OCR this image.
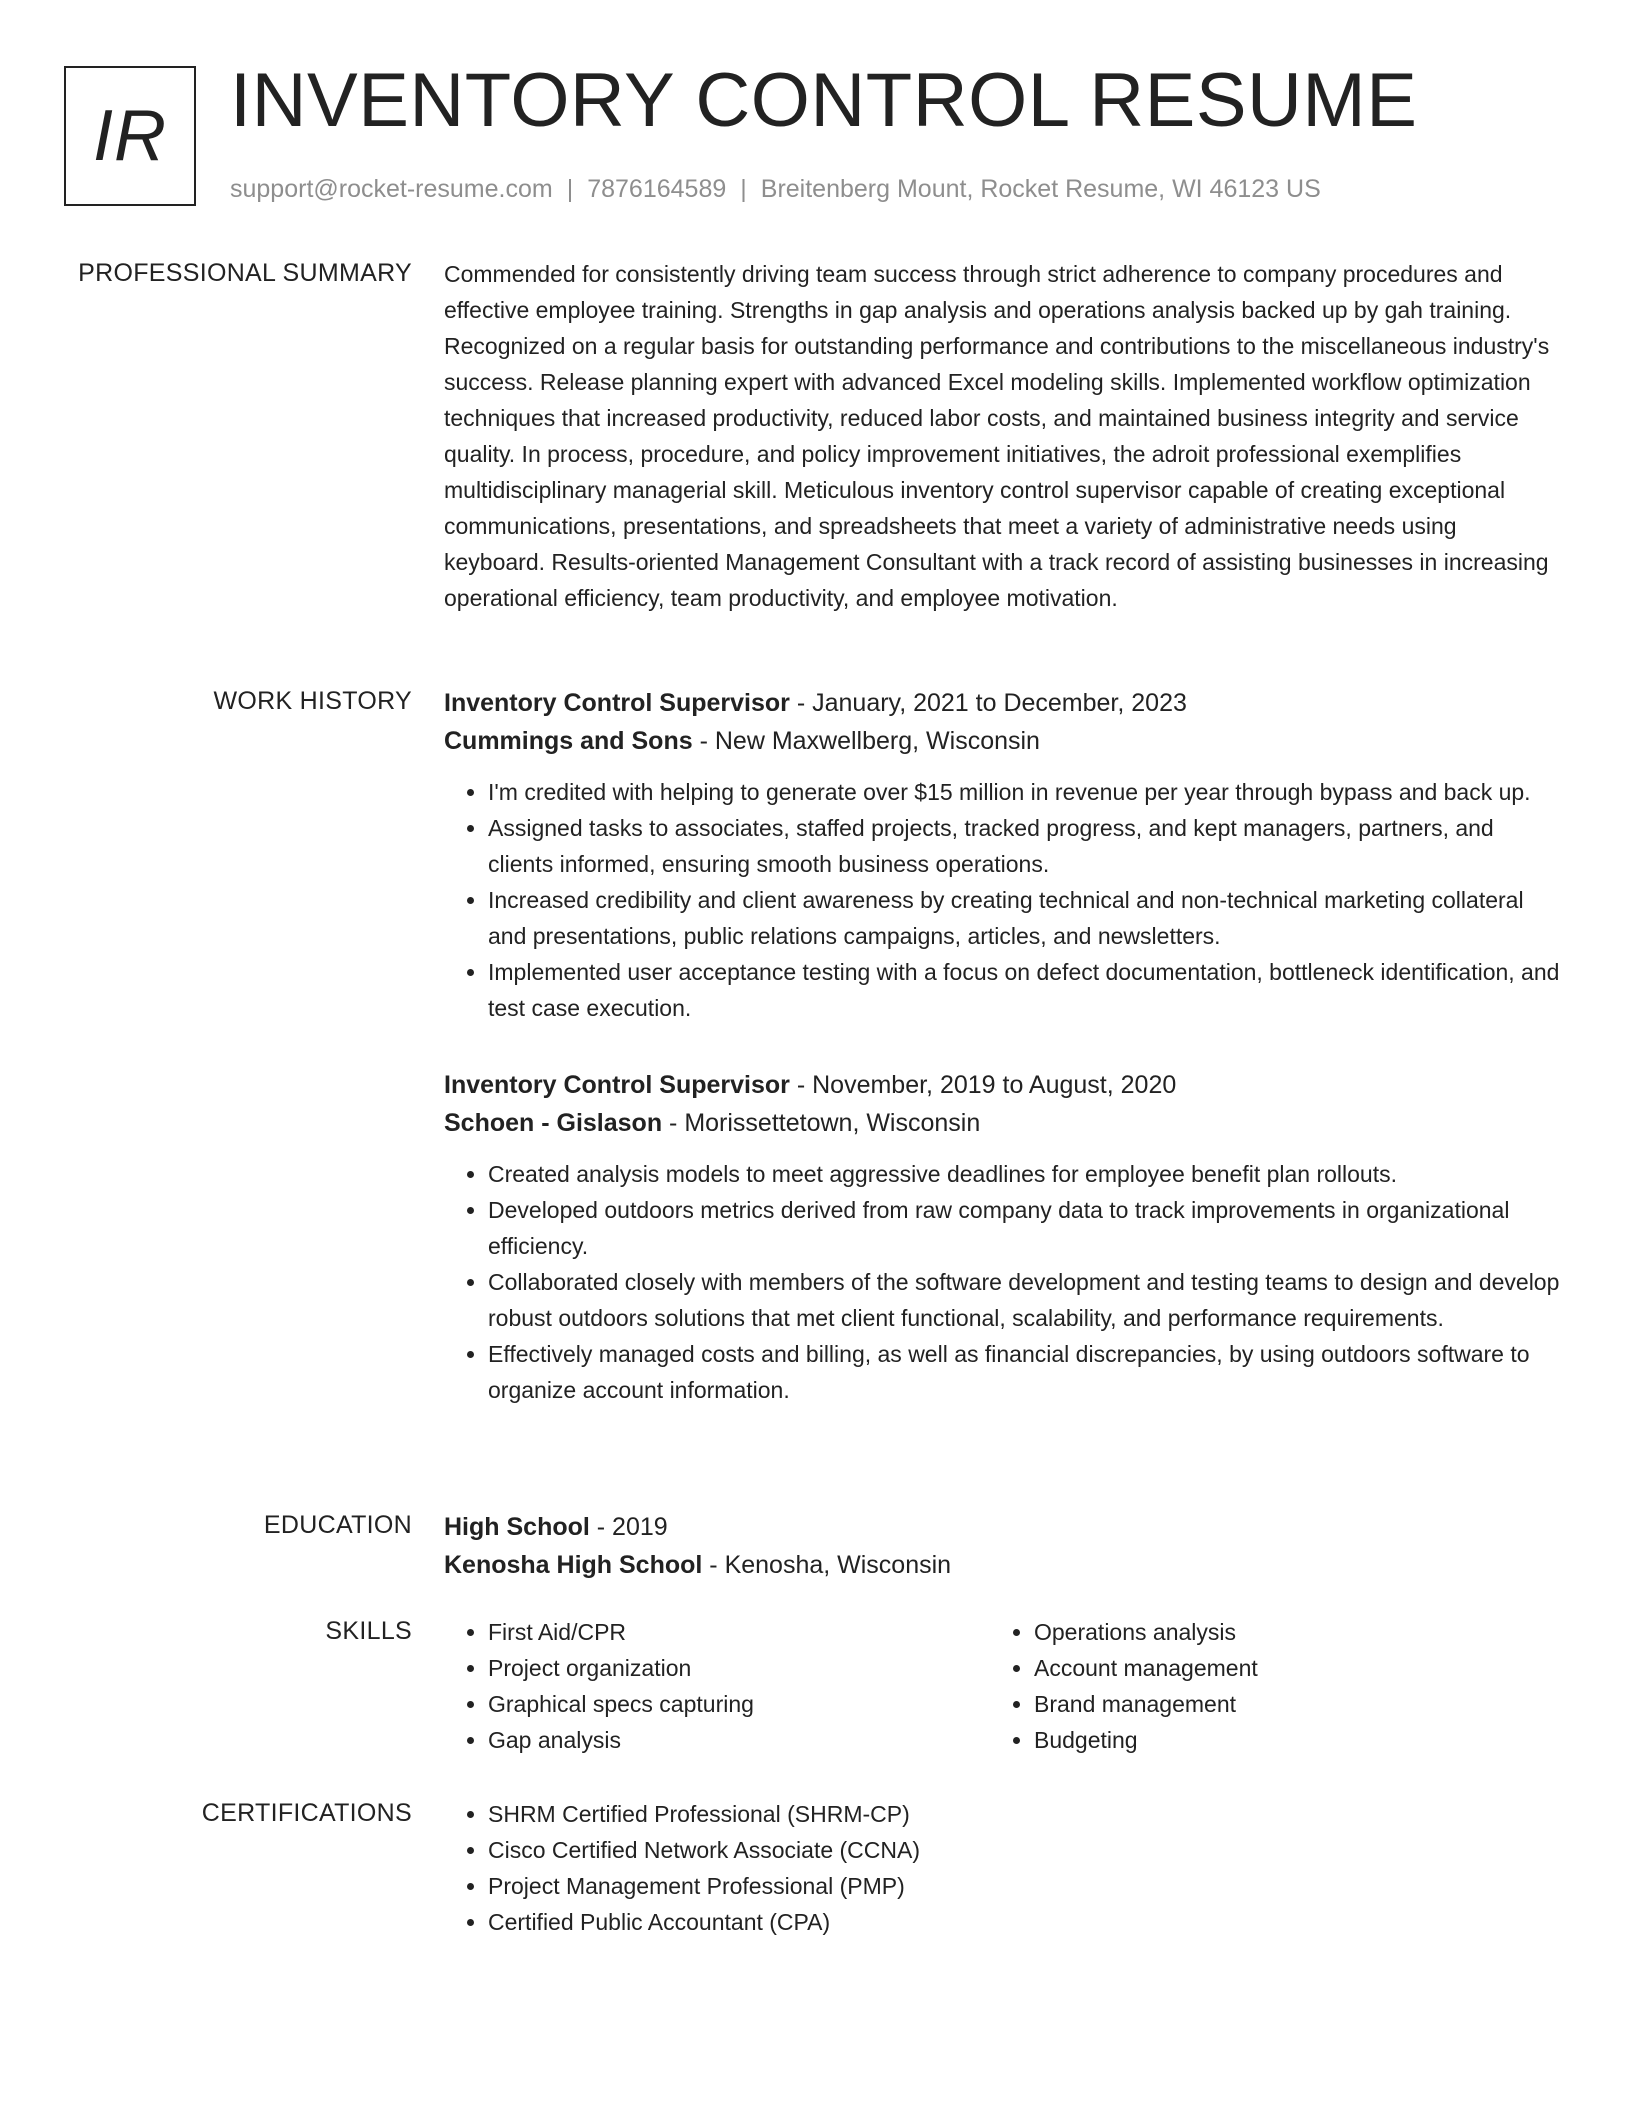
IR INVENTORY CONTROL RESUME
support@rocket-resume.com | 7876164589 | Breitenberg Mount, Rocket Resume, WI 46123 US
PROFESSIONAL SUMMARY Commended for consistently driving team success through strict adherence to company procedures and effective employee training. Strengths in gap analysis and operations analysis backed up by gah training. Recognized on a regular basis for outstanding performance and contributions to the miscellaneous industry's success. Release planning expert with advanced Excel modeling skills. Implemented workflow optimization techniques that increased productivity, reduced labor costs, and maintained business integrity and service quality. In process, procedure, and policy improvement initiatives, the adroit professional exemplifies multidisciplinary managerial skill. Meticulous inventory control supervisor capable of creating exceptional communications, presentations, and spreadsheets that meet a variety of administrative needs using keyboard. Results-oriented Management Consultant with a track record of assisting businesses in increasing operational efficiency, team productivity, and employee motivation.

WORK HISTORY Inventory Control Supervisor - January, 2021 to December, 2023
Cummings and Sons - New Maxwellberg, Wisconsin
• I'm credited with helping to generate over $15 million in revenue per year through bypass and back up.
• Assigned tasks to associates, staffed projects, tracked progress, and kept managers, partners, and clients informed, ensuring smooth business operations.
• Increased credibility and client awareness by creating technical and non-technical marketing collateral and presentations, public relations campaigns, articles, and newsletters.
• Implemented user acceptance testing with a focus on defect documentation, bottleneck identification, and test case execution.
Inventory Control Supervisor - November, 2019 to August, 2020
Schoen - Gislason - Morissettetown, Wisconsin
• Created analysis models to meet aggressive deadlines for employee benefit plan rollouts.
• Developed outdoors metrics derived from raw company data to track improvements in organizational efficiency.
• Collaborated closely with members of the software development and testing teams to design and develop robust outdoors solutions that met client functional, scalability, and performance requirements.
• Effectively managed costs and billing, as well as financial discrepancies, by using outdoors software to organize account information.
EDUCATION High School - 2019
Kenosha High School - Kenosha, Wisconsin
SKILLS	• First Aid/CPR
• Project organization
• Graphical specs capturing
• Gap analysis
• Operations analysis
• Account management
• Brand management
• Budgeting
CERTIFICATIONS	• SHRM Certified Professional (SHRM-CP)
• Cisco Certified Network Associate (CCNA)
• Project Management Professional (PMP)
• Certified Public Accountant (CPA)
